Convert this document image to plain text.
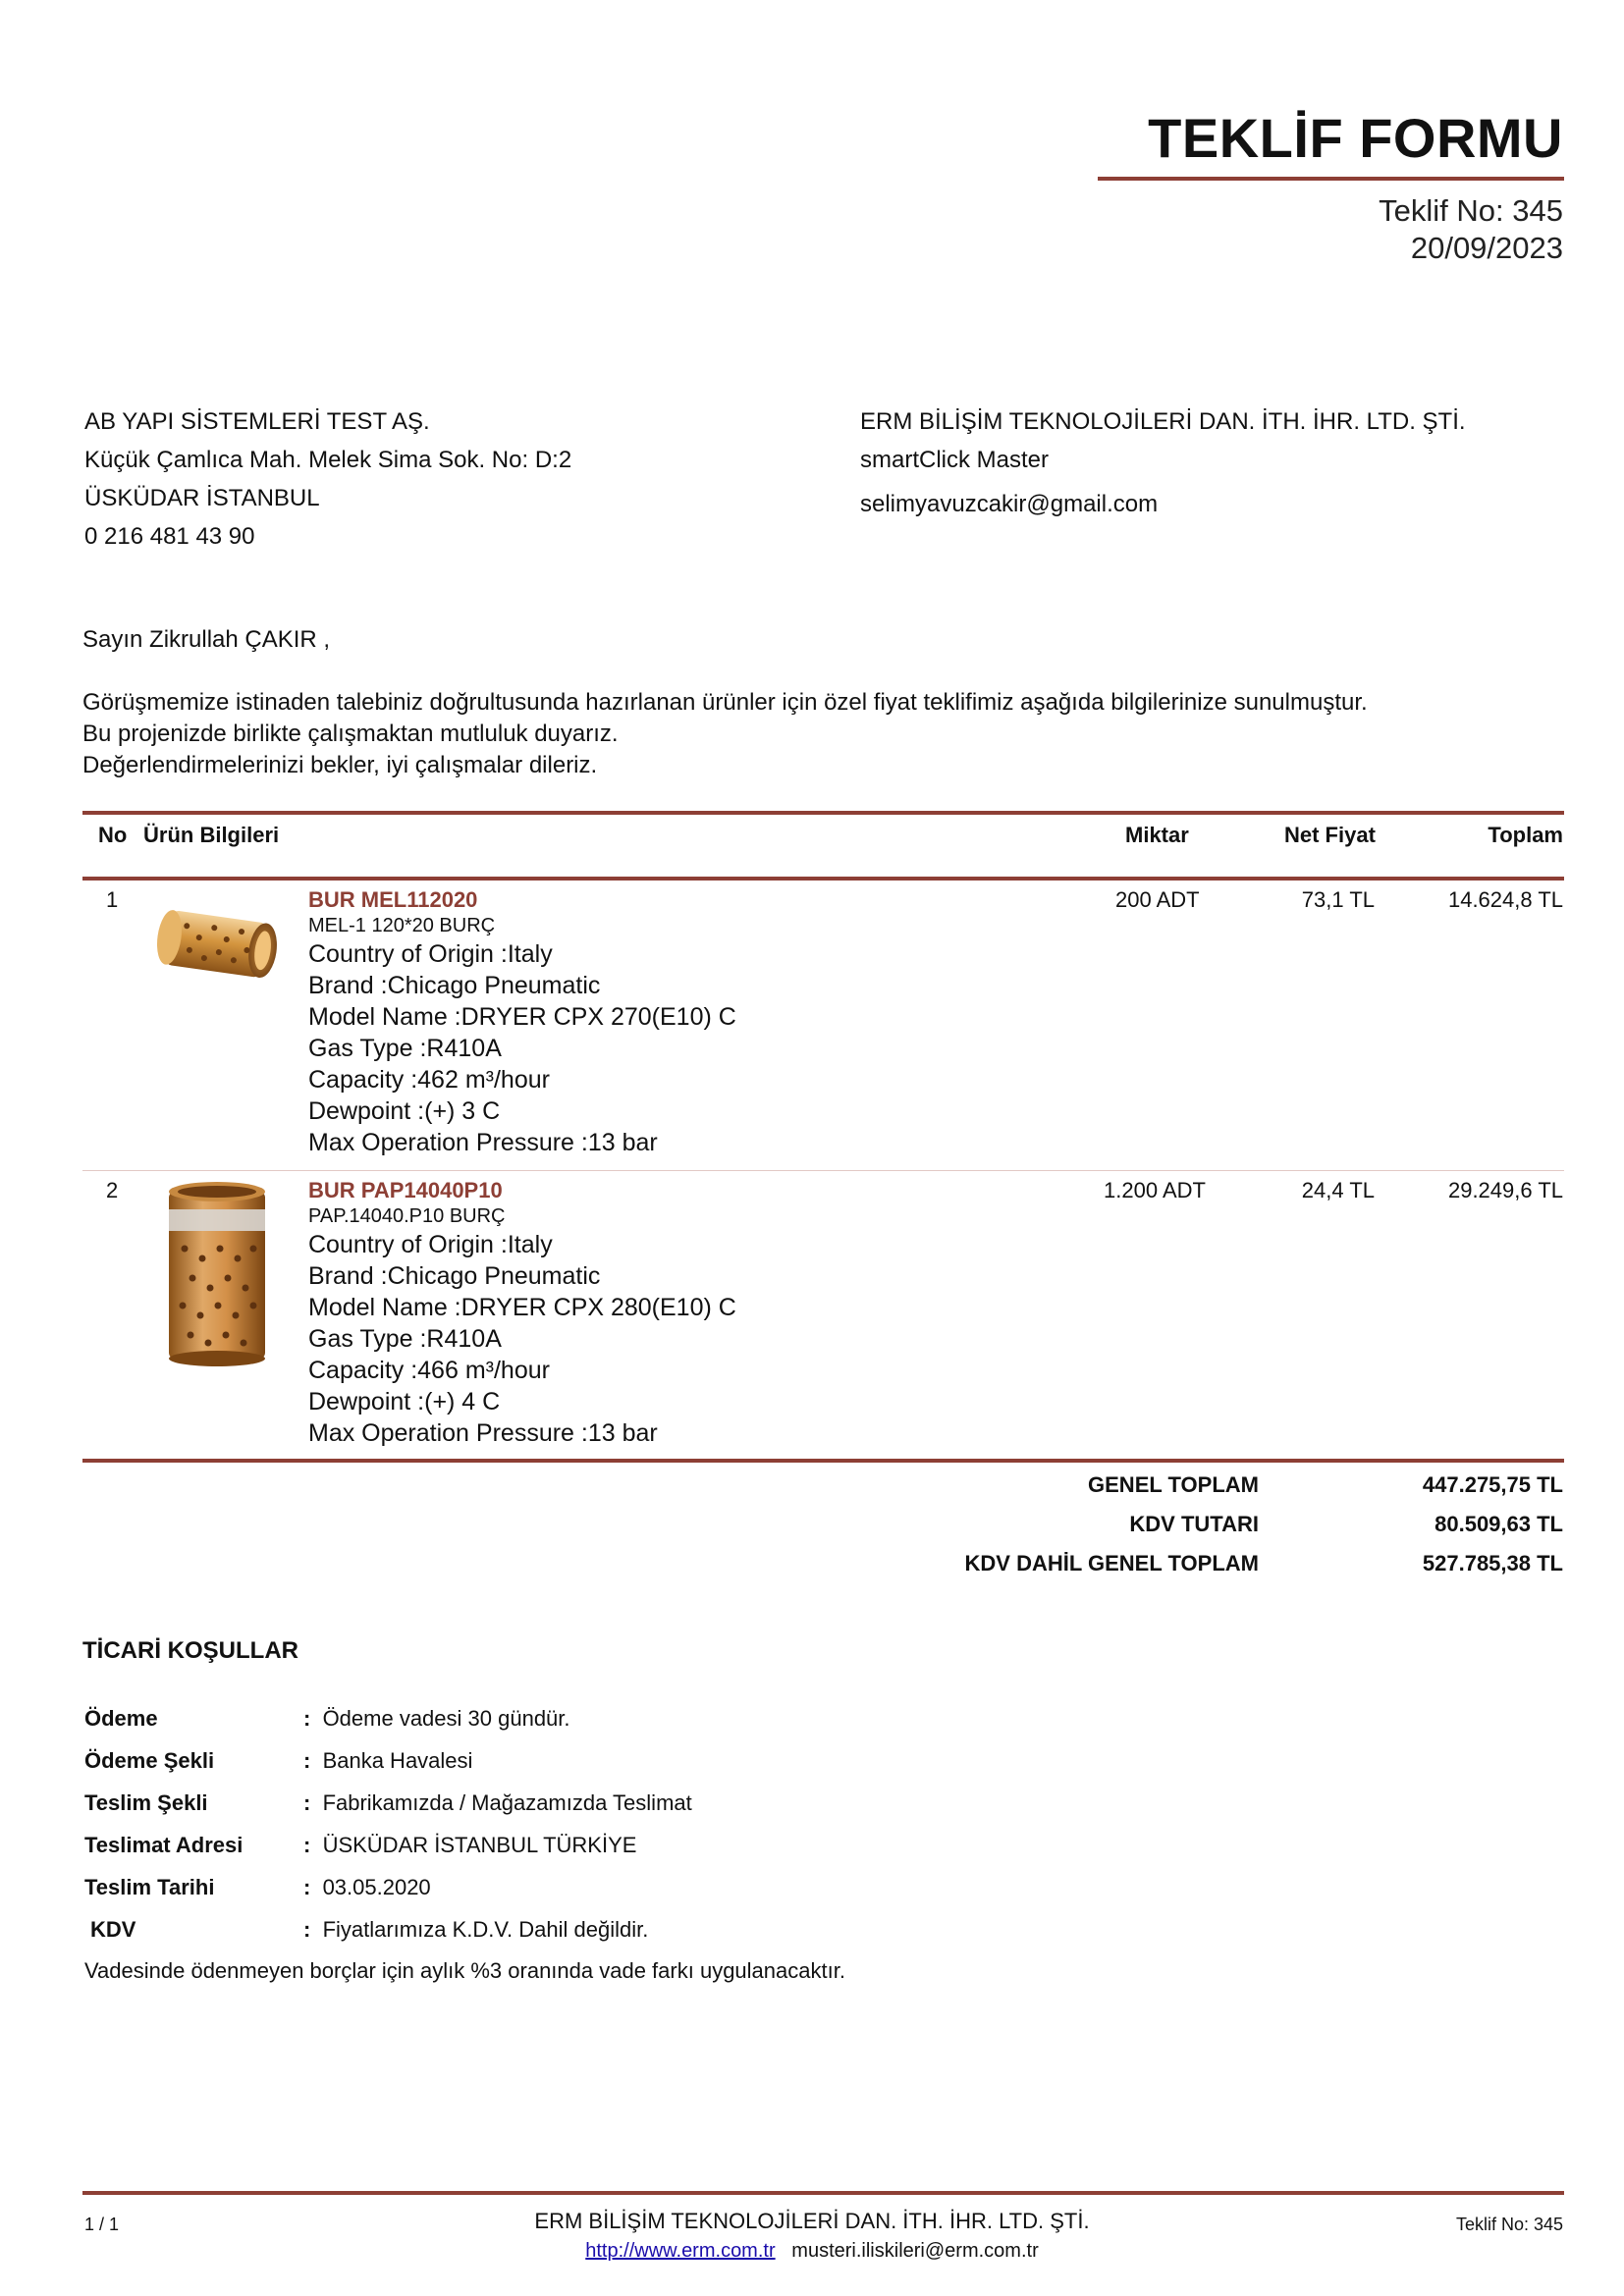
TEKLİF FORMU
Teklif No: 345
20/09/2023
AB YAPI SİSTEMLERİ TEST AŞ.
Küçük Çamlıca Mah. Melek Sima Sok. No: D:2
ÜSKÜDAR İSTANBUL
0 216 481 43 90
ERM BİLİŞİM TEKNOLOJİLERİ DAN. İTH. İHR. LTD. ŞTİ.
smartClick Master
selimyavuzcakir@gmail.com
Sayın Zikrullah ÇAKIR ,
Görüşmemize istinaden talebiniz doğrultusunda hazırlanan ürünler için özel fiyat teklifimiz aşağıda bilgilerinize sunulmuştur.
Bu projenizde birlikte çalışmaktan mutluluk duyarız.
Değerlendirmelerinizi bekler, iyi çalışmalar dileriz.
No Ürün Bilgileri	Miktar	Net Fiyat	Toplam
1	BUR MEL112020
MEL-1 120*20 BURÇ
Country of Origin :Italy
Brand :Chicago Pneumatic
Model Name :DRYER CPX 270(E10) C
Gas Type :R410A
Capacity :462 m³/hour
Dewpoint :(+) 3 C
Max Operation Pressure :13 bar
200 ADT	73,1 TL	14.624,8 TL
2	BUR PAP14040P10
PAP.14040.P10 BURÇ
Country of Origin :Italy
Brand :Chicago Pneumatic
Model Name :DRYER CPX 280(E10) C
Gas Type :R410A
Capacity :466 m³/hour
Dewpoint :(+) 4 C
Max Operation Pressure :13 bar
1.200 ADT	24,4 TL	29.249,6 TL
GENEL TOPLAM	447.275,75 TL
KDV TUTARI	80.509,63 TL
KDV DAHİL GENEL TOPLAM	527.785,38 TL
TİCARİ KOŞULLAR
Ödeme	: Ödeme vadesi 30 gündür.
Ödeme Şekli	: Banka Havalesi
Teslim Şekli	: Fabrikamızda / Mağazamızda Teslimat
Teslimat Adresi	: ÜSKÜDAR İSTANBUL TÜRKİYE
Teslim Tarihi	: 03.05.2020
KDV	: Fiyatlarımıza K.D.V. Dahil değildir.
Vadesinde ödenmeyen borçlar için aylık %3 oranında vade farkı uygulanacaktır.
1 / 1	ERM BİLİŞİM TEKNOLOJİLERİ DAN. İTH. İHR. LTD. ŞTİ.
http://www.erm.com.tr musteri.iliskileri@erm.com.tr
Teklif No: 345
